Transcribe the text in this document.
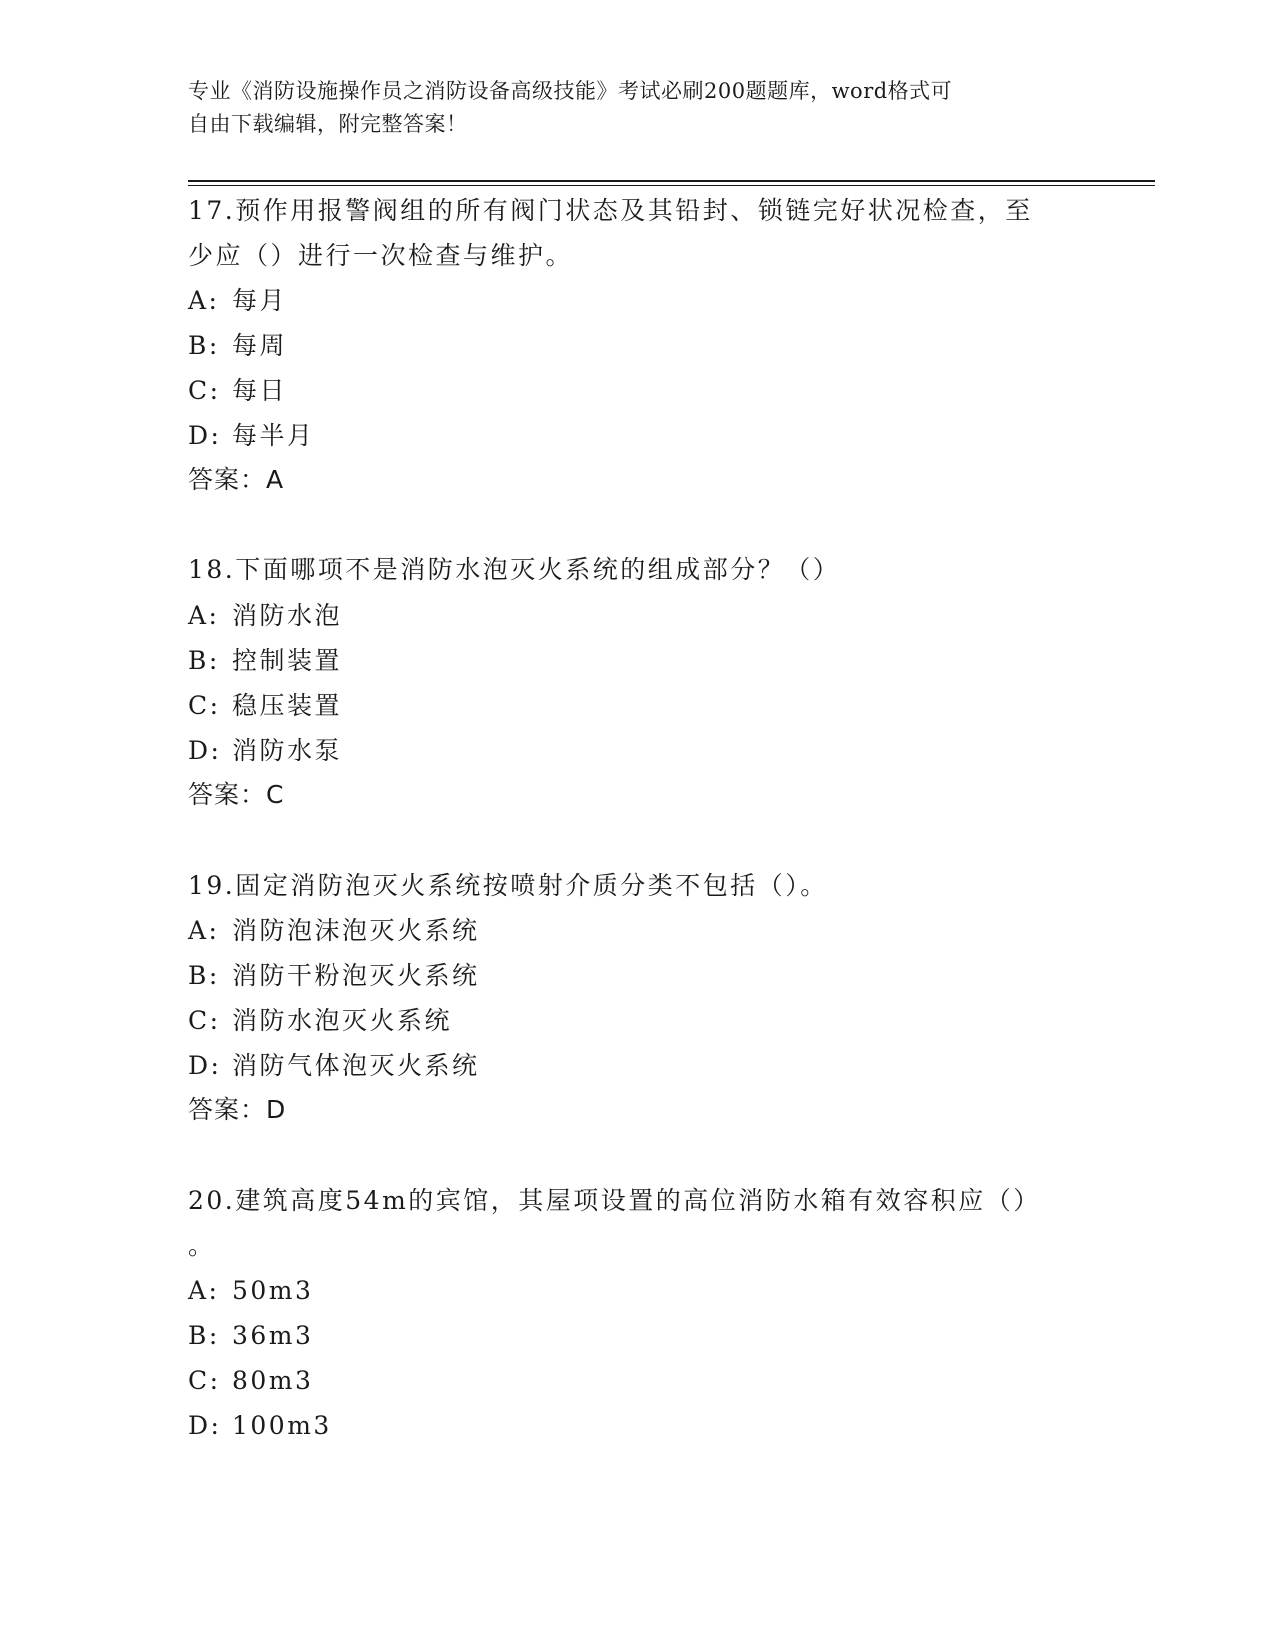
专业《消防设施操作员之消防设备高级技能》考试必刷200题题库，word格式可
自由下载编辑，附完整答案！
17.预作用报警阀组的所有阀门状态及其铅封、锁链完好状况检查，至
少应（）进行一次检查与维护。
A: 每月
B: 每周
C: 每日
D: 每半月
答案：A
18.下面哪项不是消防水泡灭火系统的组成部分？（）
A: 消防水泡
B: 控制装置
C: 稳压装置
D: 消防水泵
答案：C
19.固定消防泡灭火系统按喷射介质分类不包括（）。
A: 消防泡沫泡灭火系统
B: 消防干粉泡灭火系统
C: 消防水泡灭火系统
D: 消防气体泡灭火系统
答案：D
20.建筑高度54m的宾馆，其屋项设置的高位消防水箱有效容积应（）
。
A: 50m3
B: 36m3
C: 80m3
D: 100m3
